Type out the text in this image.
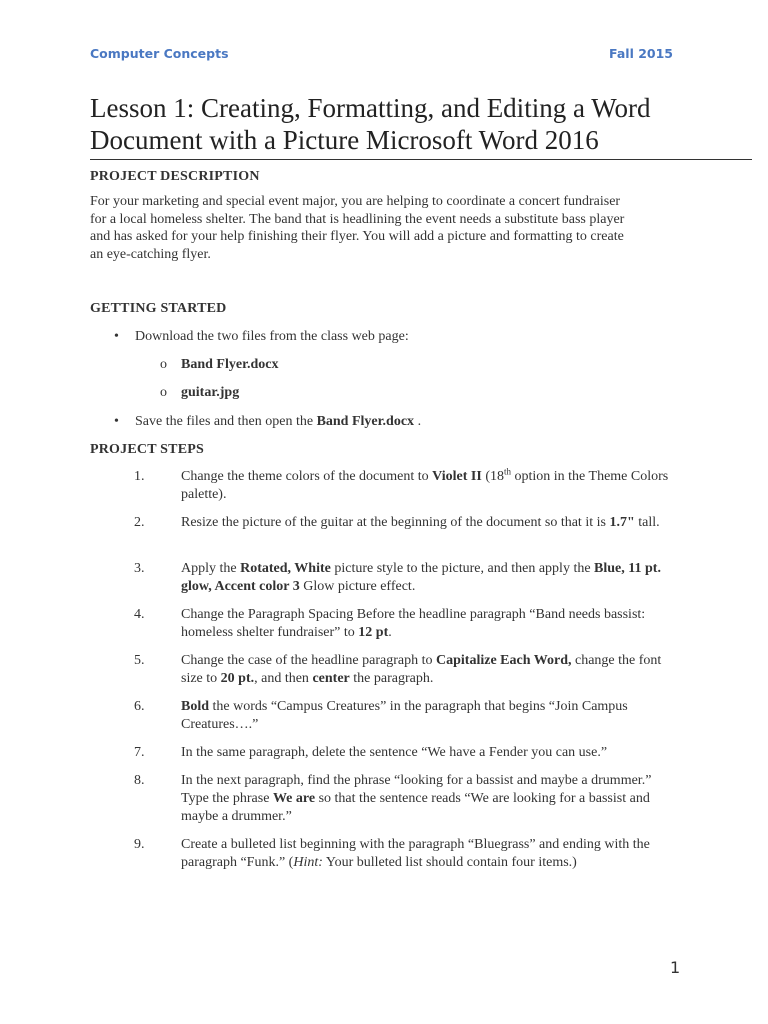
Computer Concepts	Fall 2015
Lesson 1: Creating, Formatting, and Editing a Word
Document with a Picture Microsoft Word 2016
PROJECT DESCRIPTION

For your marketing and special event major, you are helping to coordinate a concert fundraiser
for a local homeless shelter. The band that is headlining the event needs a substitute bass player
and has asked for your help finishing their flyer. You will add a picture and formatting to create
an eye-catching flyer.

GETTING STARTED
• Download the two files from the class web page:
o Band Flyer.docx
o guitar.jpg
• Save the files and then open the Band Flyer.docx .
PROJECT STEPS
1.	Change the theme colors of the document to Violet II (18th option in the Theme Colors palette).
2.	Resize the picture of the guitar at the beginning of the document so that it is 1.7" tall.
3.	Apply the Rotated, White picture style to the picture, and then apply the Blue, 11 pt. glow, Accent color 3 Glow picture effect.
4.	Change the Paragraph Spacing Before the headline paragraph “Band needs bassist: homeless shelter fundraiser” to 12 pt.
5.	Change the case of the headline paragraph to Capitalize Each Word, change the font size to 20 pt., and then center the paragraph.
6.	Bold the words “Campus Creatures” in the paragraph that begins “Join Campus Creatures….”
7.	In the same paragraph, delete the sentence “We have a Fender you can use.”
8.	In the next paragraph, find the phrase “looking for a bassist and maybe a drummer.” Type the phrase We are so that the sentence reads “We are looking for a bassist and maybe a drummer.”
9.	Create a bulleted list beginning with the paragraph “Bluegrass” and ending with the paragraph “Funk.” (Hint: Your bulleted list should contain four items.)
1
